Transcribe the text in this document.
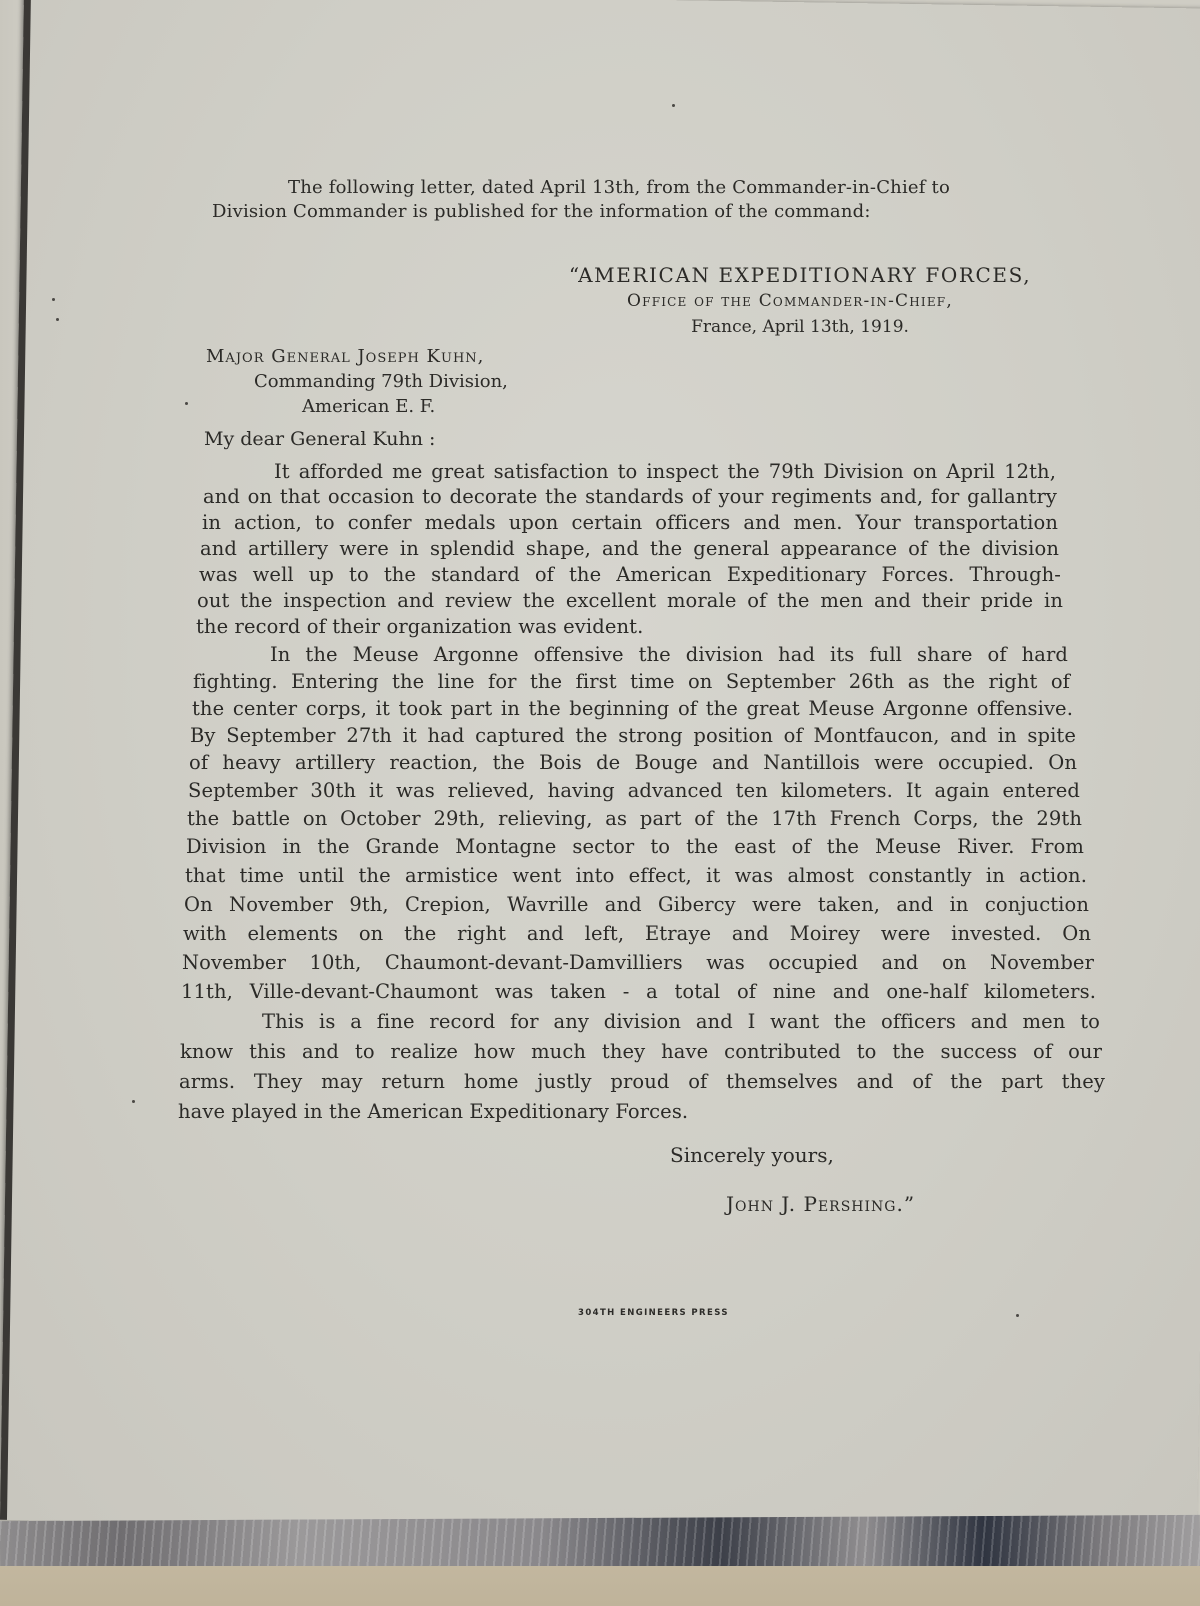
The following letter, dated April 13th, from the Commander-in-Chief to
Division Commander is published for the information of the command:
“AMERICAN EXPEDITIONARY FORCES,
Office of the Commander-in-Chief,
France, April 13th, 1919.
Major General Joseph Kuhn,
Commanding 79th Division,
American E. F.
My dear General Kuhn :
It afforded me great satisfaction to inspect the 79th Division on April 12th,
and on that occasion to decorate the standards of your regiments and, for gallantry
in action, to confer medals upon certain officers and men. Your transportation
and artillery were in splendid shape, and the general appearance of the division
was well up to the standard of the American Expeditionary Forces. Through-
out the inspection and review the excellent morale of the men and their pride in
the record of their organization was evident.
In the Meuse Argonne offensive the division had its full share of hard
fighting. Entering the line for the first time on September 26th as the right of
the center corps, it took part in the beginning of the great Meuse Argonne offensive.
By September 27th it had captured the strong position of Montfaucon, and in spite
of heavy artillery reaction, the Bois de Bouge and Nantillois were occupied. On
September 30th it was relieved, having advanced ten kilometers. It again entered
the battle on October 29th, relieving, as part of the 17th French Corps, the 29th
Division in the Grande Montagne sector to the east of the Meuse River. From
that time until the armistice went into effect, it was almost constantly in action.
On November 9th, Crepion, Wavrille and Gibercy were taken, and in conjuction
with elements on the right and left, Etraye and Moirey were invested. On
November 10th, Chaumont-devant-Damvilliers was occupied and on November
11th, Ville-devant-Chaumont was taken - a total of nine and one-half kilometers.
This is a fine record for any division and I want the officers and men to
know this and to realize how much they have contributed to the success of our
arms. They may return home justly proud of themselves and of the part they
have played in the American Expeditionary Forces.
Sincerely yours,
John J. Pershing.”
304TH ENGINEERS PRESS
